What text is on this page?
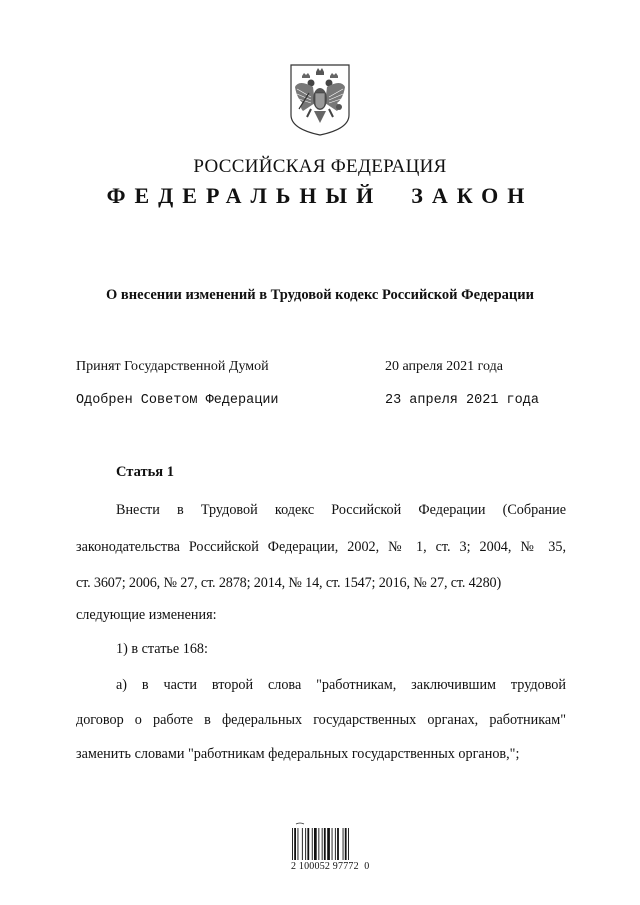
РОССИЙСКАЯ ФЕДЕРАЦИЯ
ФЕДЕРАЛЬНЫЙ  ЗАКОН
О внесении изменений в Трудовой кодекс Российской Федерации
Принят Государственной Думой	20 апреля 2021 года
Одобрен Советом Федерации	23 апреля 2021 года
Статья 1
Внести в Трудовой кодекс Российской Федерации (Собрание
законодательства Российской Федерации, 2002, № 1, ст. 3; 2004, № 35,
ст. 3607; 2006, № 27, ст. 2878; 2014, № 14, ст. 1547; 2016, № 27, ст. 4280)
следующие изменения:
1) в статье 168:
а) в части второй слова "работникам, заключившим трудовой
договор о работе в федеральных государственных органах, работникам"
заменить словами "работникам федеральных государственных органов,";
2 100052 97772  0
